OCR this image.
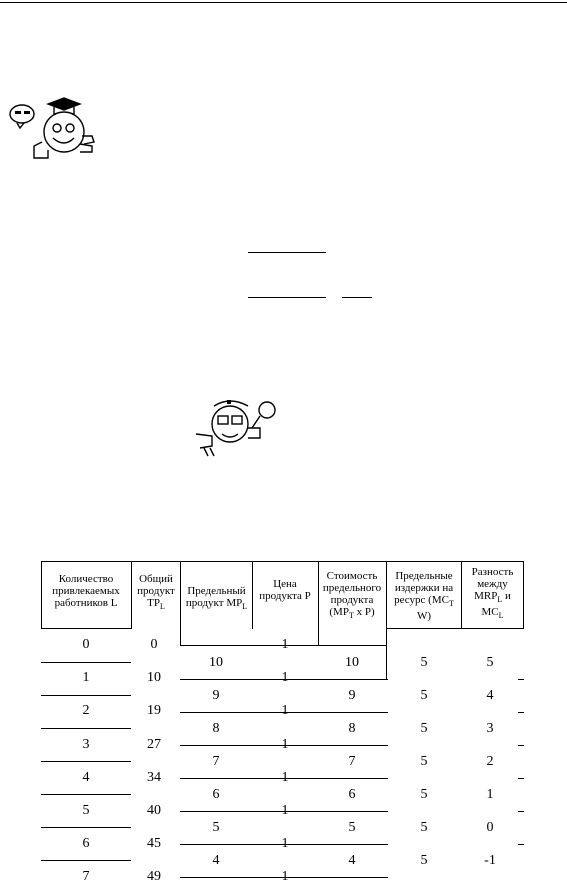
Количество привлекаемых работников L
Общий продукт $TP_L$
Предельный продукт $MP_L$
Цена продукта P
Стоимость предельного продукта ($MP_T$ x P)
Предельные издержки на ресурс ($MC_T$ W)
Разность между $MRP_L$ и $MC_L$
0
1
2
3
4
5
6
7
0
10
19
27
34
40
45
49
10
9
8
7
6
5
4
1
1
1
1
1
1
1
1
10
9
8
7
6
5
4
5
5
5
5
5
5
5
5
4
3
2
1
0
-1
